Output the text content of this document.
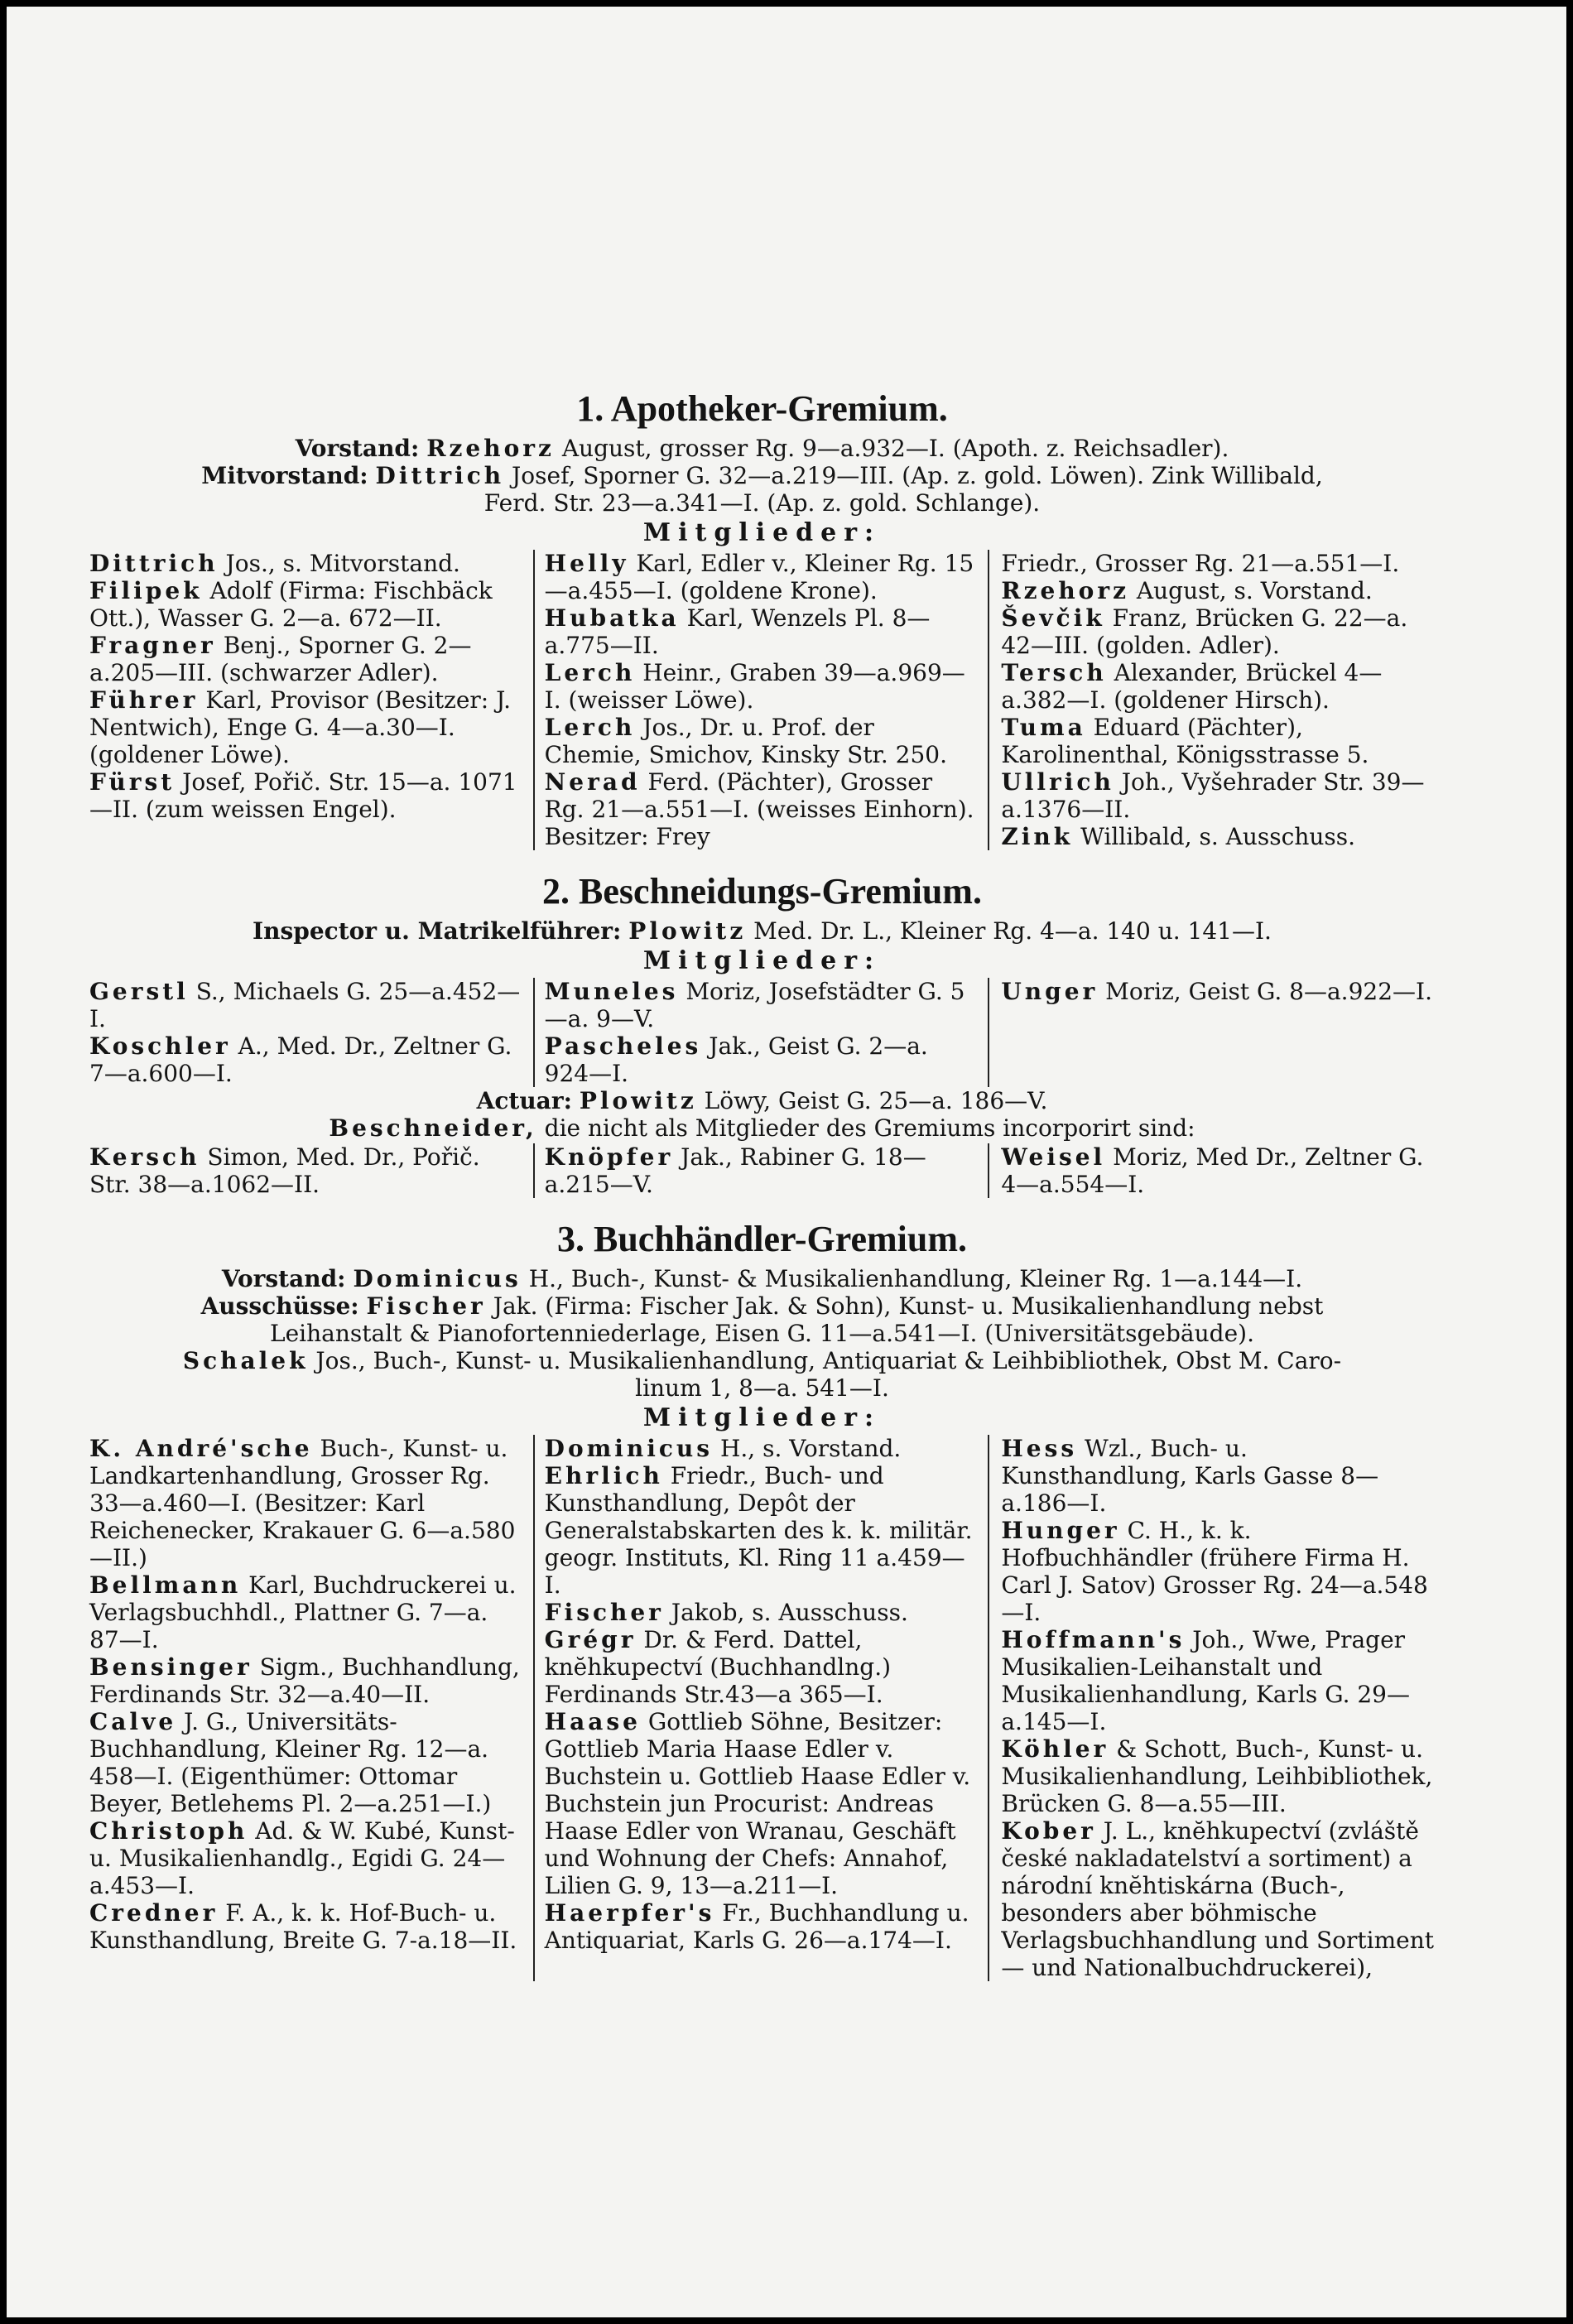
1. Apotheker-Gremium.

Vorstand: Rzehorz August, grosser Rg. 9—a.932—I. (Apoth. z. Reichsadler).

Mitvorstand: Dittrich Josef, Sporner G. 32—a.219—III. (Ap. z. gold. Löwen). Zink Willibald,

Ferd. Str. 23—a.341—I. (Ap. z. gold. Schlange).

Mitglieder:

Dittrich Jos., s. Mitvorstand.

Filipek Adolf (Firma: Fischbäck Ott.), Wasser G. 2—a. 672—II.

Fragner Benj., Sporner G. 2—a.205—III. (schwarzer Adler).

Führer Karl, Provisor (Besitzer: J. Nentwich), Enge G. 4—a.30—I. (goldener Löwe).

Fürst Josef, Pořič. Str. 15—a. 1071—II. (zum weissen Engel).

Helly Karl, Edler v., Kleiner Rg. 15—a.455—I. (goldene Krone).

Hubatka Karl, Wenzels Pl. 8—a.775—II.

Lerch Heinr., Graben 39—a.969—I. (weisser Löwe).

Lerch Jos., Dr. u. Prof. der Chemie, Smichov, Kinsky Str. 250.

Nerad Ferd. (Pächter), Grosser Rg. 21—a.551—I. (weisses Einhorn). Besitzer: Frey

Friedr., Grosser Rg. 21—a.551—I.

Rzehorz August, s. Vorstand.

Ševčik Franz, Brücken G. 22—a. 42—III. (golden. Adler).

Tersch Alexander, Brückel 4—a.382—I. (goldener Hirsch).

Tuma Eduard (Pächter), Karolinenthal, Königsstrasse 5.

Ullrich Joh., Vyšehrader Str. 39—a.1376—II.

Zink Willibald, s. Ausschuss.

2. Beschneidungs-Gremium.

Inspector u. Matrikelführer: Plowitz Med. Dr. L., Kleiner Rg. 4—a. 140 u. 141—I.

Mitglieder:

Gerstl S., Michaels G. 25—a.452—I.

Koschler A., Med. Dr., Zeltner G. 7—a.600—I.

Muneles Moriz, Josefstädter G. 5—a. 9—V.

Pascheles Jak., Geist G. 2—a. 924—I.

Unger Moriz, Geist G. 8—a.922—I.

Actuar: Plowitz Löwy, Geist G. 25—a. 186—V.

Beschneider, die nicht als Mitglieder des Gremiums incorporirt sind:

Kersch Simon, Med. Dr., Pořič. Str. 38—a.1062—II.

Knöpfer Jak., Rabiner G. 18—a.215—V.

Weisel Moriz, Med Dr., Zeltner G. 4—a.554—I.

3. Buchhändler-Gremium.

Vorstand: Dominicus H., Buch-, Kunst- & Musikalienhandlung, Kleiner Rg. 1—a.144—I.

Ausschüsse: Fischer Jak. (Firma: Fischer Jak. & Sohn), Kunst- u. Musikalienhandlung nebst

Leihanstalt & Pianofortenniederlage, Eisen G. 11—a.541—I. (Universitätsgebäude).

Schalek Jos., Buch-, Kunst- u. Musikalienhandlung, Antiquariat & Leihbibliothek, Obst M. Caro-

linum 1, 8—a. 541—I.

Mitglieder:

K. André'sche Buch-, Kunst- u. Landkartenhandlung, Grosser Rg. 33—a.460—I. (Besitzer: Karl Reichenecker, Krakauer G. 6—a.580—II.)

Bellmann Karl, Buchdruckerei u. Verlagsbuchhdl., Plattner G. 7—a. 87—I.

Bensinger Sigm., Buchhandlung, Ferdinands Str. 32—a.40—II.

Calve J. G., Universitäts-Buchhandlung, Kleiner Rg. 12—a. 458—I. (Eigenthümer: Ottomar Beyer, Betlehems Pl. 2—a.251—I.)

Christoph Ad. & W. Kubé, Kunst- u. Musikalienhandlg., Egidi G. 24—a.453—I.

Credner F. A., k. k. Hof-Buch- u. Kunsthandlung, Breite G. 7-a.18—II.

Dominicus H., s. Vorstand.

Ehrlich Friedr., Buch- und Kunsthandlung, Depôt der Generalstabskarten des k. k. militär. geogr. Instituts, Kl. Ring 11 a.459—I.

Fischer Jakob, s. Ausschuss.

Grégr Dr. & Ferd. Dattel, knĕhkupectví (Buchhandlng.) Ferdinands Str.43—a 365—I.

Haase Gottlieb Söhne, Besitzer: Gottlieb Maria Haase Edler v. Buchstein u. Gottlieb Haase Edler v. Buchstein jun Procurist: Andreas Haase Edler von Wranau, Geschäft und Wohnung der Chefs: Annahof, Lilien G. 9, 13—a.211—I.

Haerpfer's Fr., Buchhandlung u. Antiquariat, Karls G. 26—a.174—I.

Hess Wzl., Buch- u. Kunsthandlung, Karls Gasse 8—a.186—I.

Hunger C. H., k. k. Hofbuchhändler (frühere Firma H. Carl J. Satov) Grosser Rg. 24—a.548—I.

Hoffmann's Joh., Wwe, Prager Musikalien-Leihanstalt und Musikalienhandlung, Karls G. 29—a.145—I.

Köhler & Schott, Buch-, Kunst- u. Musikalienhandlung, Leihbibliothek, Brücken G. 8—a.55—III.

Kober J. L., knĕhkupectví (zvláště české nakladatelství a sortiment) a národní knĕhtiskárna (Buch-, besonders aber böhmische Verlagsbuchhandlung und Sortiment — und Nationalbuchdruckerei),
